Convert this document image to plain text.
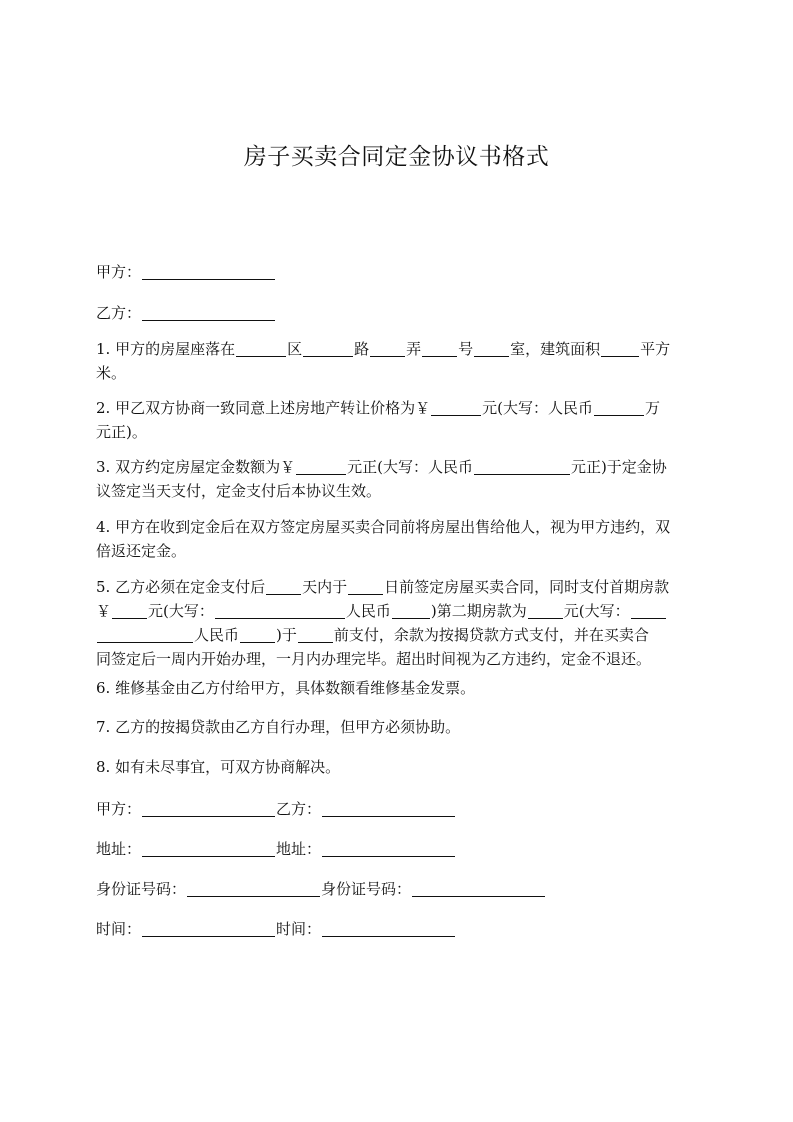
房子买卖合同定金协议书格式
甲方：
乙方：
1. 甲方的房屋座落在	区	路 弄 号 室，建筑面积	平方
米。
2. 甲乙双方协商一致同意上述房地产转让价格为￥	元(大写：人民币	万
元正)。
3. 双方约定房屋定金数额为￥	元正(大写：人民币	元正)于定金协
议签定当天支付，定金支付后本协议生效。
4. 甲方在收到定金后在双方签定房屋买卖合同前将房屋出售给他人，视为甲方违约，双
倍返还定金。
5. 乙方必须在定金支付后 天内于 日前签定房屋买卖合同，同时支付首期房款
￥ 元(大写：	人民币	)第二期房款为 元(大写：
人民币 )于 前支付，余款为按揭贷款方式支付，并在买卖合
同签定后一周内开始办理，一月内办理完毕。超出时间视为乙方违约，定金不退还。
6. 维修基金由乙方付给甲方，具体数额看维修基金发票。
7. 乙方的按揭贷款由乙方自行办理，但甲方必须协助。
8. 如有未尽事宜，可双方协商解决。
甲方：	乙方：
地址：	地址：
身份证号码：	身份证号码：
时间：	时间：
